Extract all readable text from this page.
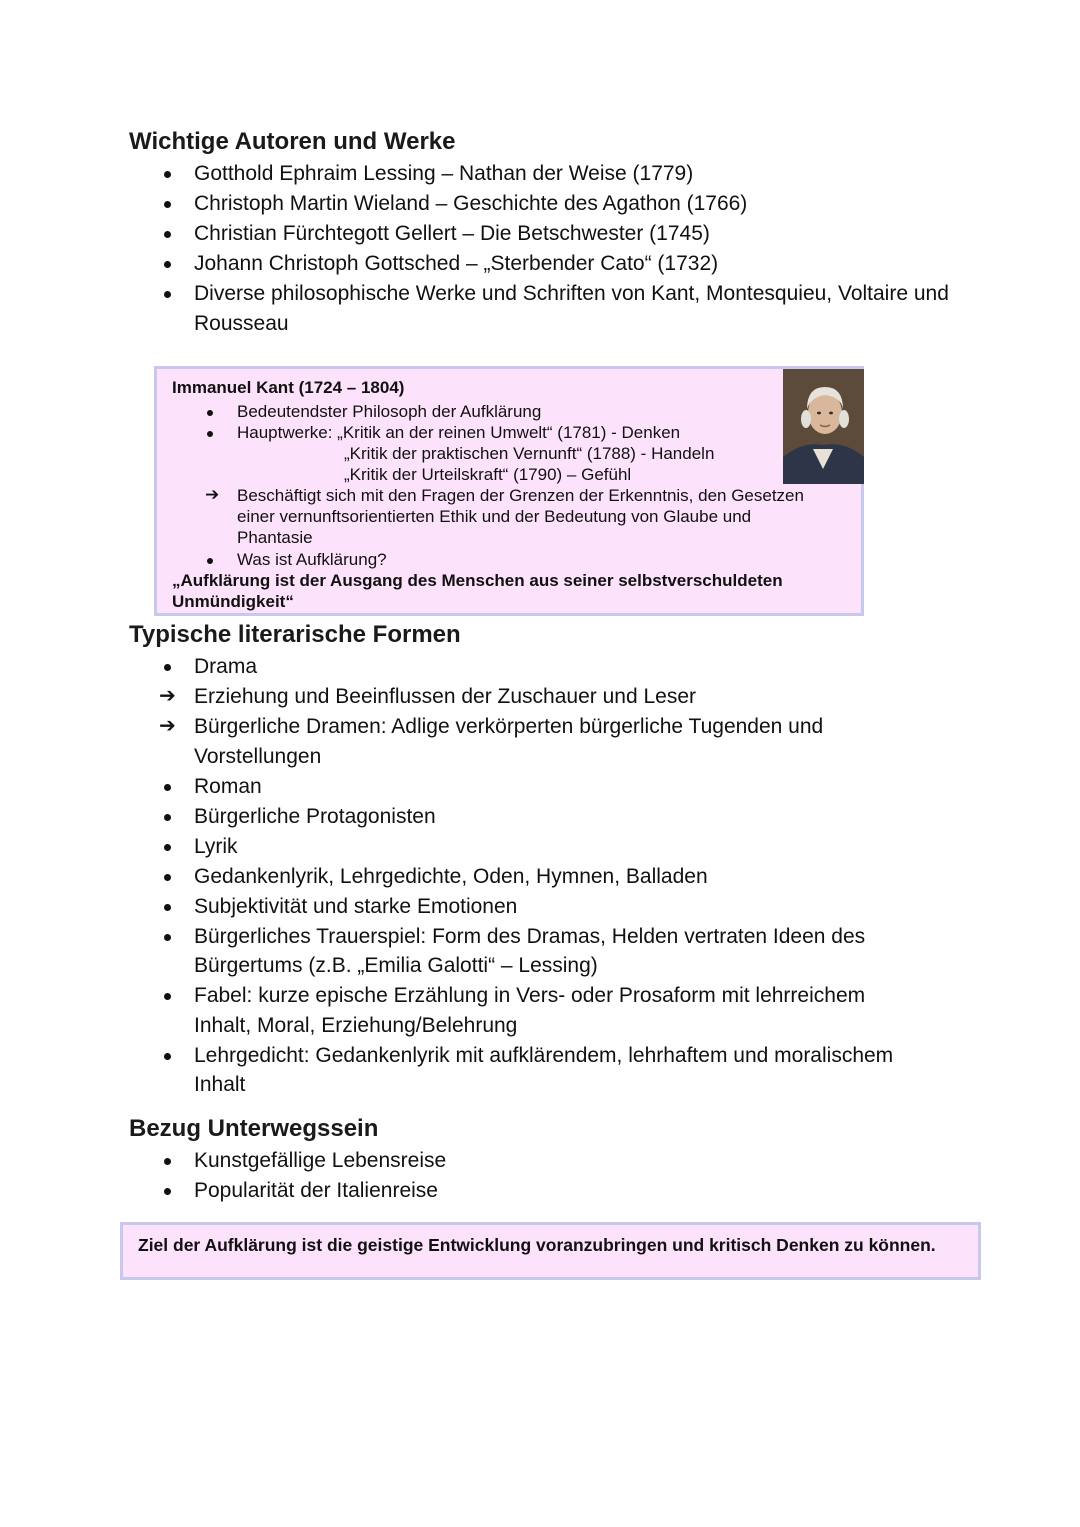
Wichtige Autoren und Werke
Gotthold Ephraim Lessing – Nathan der Weise (1779)
Christoph Martin Wieland – Geschichte des Agathon (1766)
Christian Fürchtegott Gellert – Die Betschwester (1745)
Johann Christoph Gottsched – „Sterbender Cato“ (1732)
Diverse philosophische Werke und Schriften von Kant, Montesquieu, Voltaire und Rousseau
Immanuel Kant (1724 – 1804)
Bedeutendster Philosoph der Aufklärung
Hauptwerke: „Kritik an der reinen Umwelt“ (1781) - Denken
„Kritik der praktischen Vernunft“ (1788) - Handeln
„Kritik der Urteilskraft“ (1790) – Gefühl
➔ Beschäftigt sich mit den Fragen der Grenzen der Erkenntnis, den Gesetzen
einer vernunftsorientierten Ethik und der Bedeutung von Glaube und
Phantasie
Was ist Aufklärung?
„Aufklärung ist der Ausgang des Menschen aus seiner selbstverschuldeten
Unmündigkeit“
Typische literarische Formen
Drama
➔ Erziehung und Beeinflussen der Zuschauer und Leser
➔ Bürgerliche Dramen: Adlige verkörperten bürgerliche Tugenden und
Vorstellungen
Roman
Bürgerliche Protagonisten
Lyrik
Gedankenlyrik, Lehrgedichte, Oden, Hymnen, Balladen
Subjektivität und starke Emotionen
Bürgerliches Trauerspiel: Form des Dramas, Helden vertraten Ideen des
Bürgertums (z.B. „Emilia Galotti“ – Lessing)
Fabel: kurze epische Erzählung in Vers- oder Prosaform mit lehrreichem
Inhalt, Moral, Erziehung/Belehrung
Lehrgedicht: Gedankenlyrik mit aufklärendem, lehrhaftem und moralischem
Inhalt
Bezug Unterwegssein
Kunstgefällige Lebensreise
Popularität der Italienreise
Ziel der Aufklärung ist die geistige Entwicklung voranzubringen und kritisch Denken zu können.
